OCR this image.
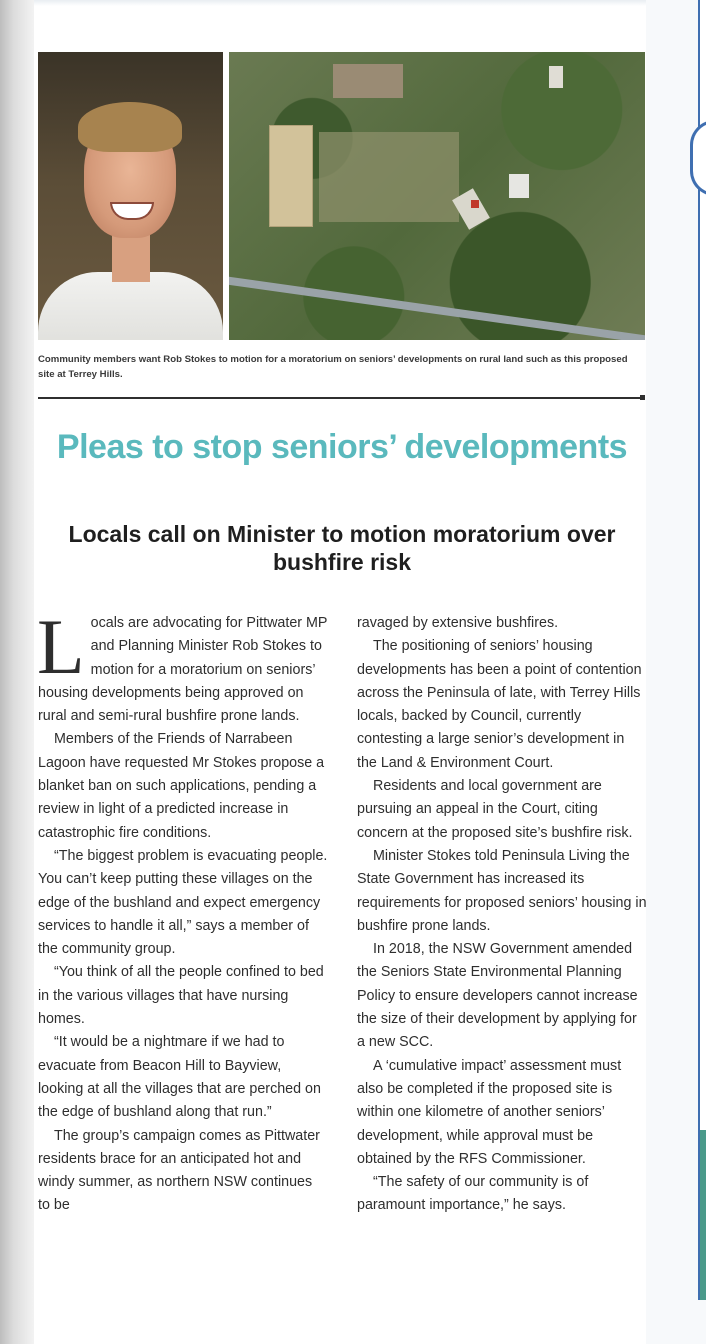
Community members want Rob Stokes to motion for a moratorium on seniors’ developments on rural land such as this proposed site at Terrey Hills.
Pleas to stop seniors’ developments
Locals call on Minister to motion moratorium over bushfire risk

Locals are advocating for Pittwater MP and Planning Minister Rob Stokes to motion for a moratorium on seniors’ housing developments being approved on rural and semi-rural bushfire prone lands.

Members of the Friends of Narrabeen Lagoon have requested Mr Stokes propose a blanket ban on such applications, pending a review in light of a predicted increase in catastrophic fire conditions.

“The biggest problem is evacuating people. You can’t keep putting these villages on the edge of the bushland and expect emergency services to handle it all,” says a member of the community group.

“You think of all the people confined to bed in the various villages that have nursing homes.

“It would be a nightmare if we had to evacuate from Beacon Hill to Bayview, looking at all the villages that are perched on the edge of bushland along that run.”

The group’s campaign comes as Pittwater residents brace for an anticipated hot and windy summer, as northern NSW continues to be

ravaged by extensive bushfires.

The positioning of seniors’ housing developments has been a point of contention across the Peninsula of late, with Terrey Hills locals, backed by Council, currently contesting a large senior’s development in the Land & Environment Court.

Residents and local government are pursuing an appeal in the Court, citing concern at the proposed site’s bushfire risk.

Minister Stokes told Peninsula Living the State Government has increased its requirements for proposed seniors’ housing in bushfire prone lands.

In 2018, the NSW Government amended the Seniors State Environmental Planning Policy to ensure developers cannot increase the size of their development by applying for a new SCC.

A ‘cumulative impact’ assessment must also be completed if the proposed site is within one kilometre of another seniors’ development, while approval must be obtained by the RFS Commissioner.

“The safety of our community is of paramount importance,” he says.
